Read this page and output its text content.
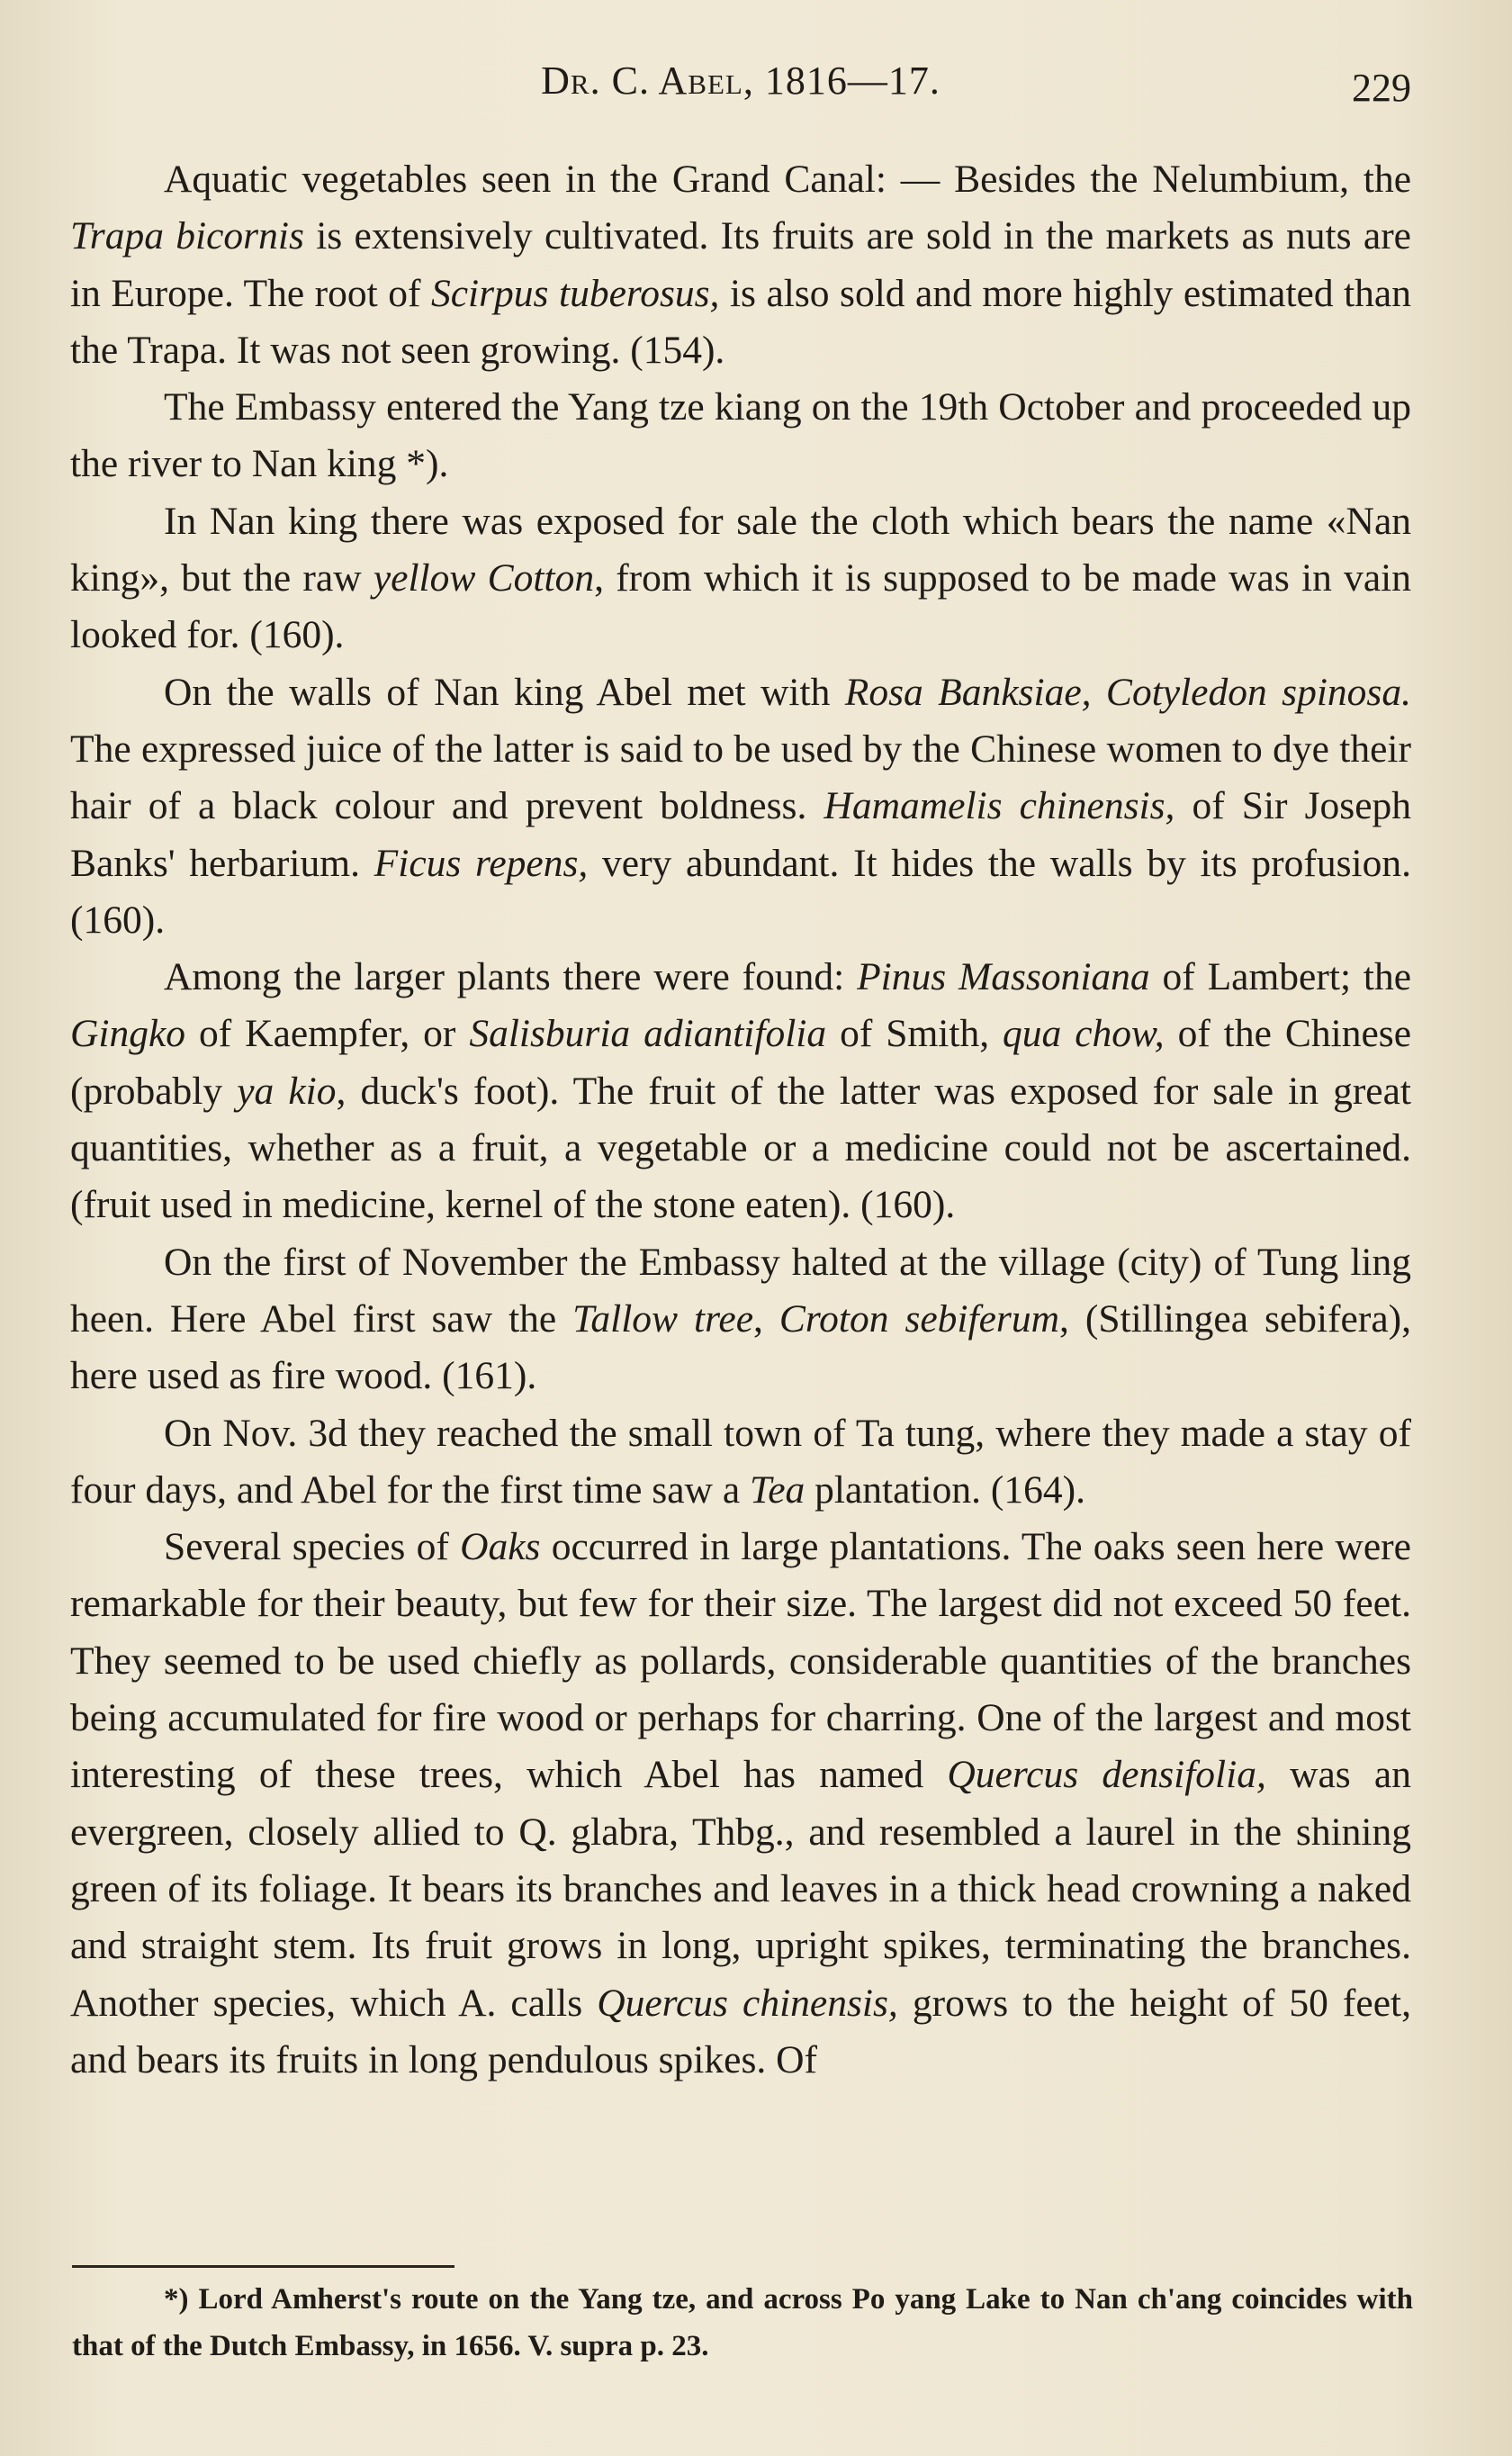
Dr. C. Abel, 1816—17.	229

Aquatic vegetables seen in the Grand Canal: — Besides the Nelumbium, the Trapa bicornis is extensively cultivated. Its fruits are sold in the markets as nuts are in Europe. The root of Scirpus tuberosus, is also sold and more highly estimated than the Trapa. It was not seen growing. (154).

The Embassy entered the Yang tze kiang on the 19th October and proceeded up the river to Nan king *).

In Nan king there was exposed for sale the cloth which bears the name «Nan king», but the raw yellow Cotton, from which it is supposed to be made was in vain looked for. (160).

On the walls of Nan king Abel met with Rosa Banksiae, Cotyledon spinosa. The expressed juice of the latter is said to be used by the Chinese women to dye their hair of a black colour and prevent boldness. Hamamelis chinensis, of Sir Joseph Banks' herbarium. Ficus repens, very abundant. It hides the walls by its profusion. (160).

Among the larger plants there were found: Pinus Massoniana of Lambert; the Gingko of Kaempfer, or Salisburia adiantifolia of Smith, qua chow, of the Chinese (probably ya kio, duck's foot). The fruit of the latter was exposed for sale in great quantities, whether as a fruit, a vegetable or a medicine could not be ascertained. (fruit used in medicine, kernel of the stone eaten). (160).

On the first of November the Embassy halted at the village (city) of Tung ling heen. Here Abel first saw the Tallow tree, Croton sebiferum, (Stillingea sebifera), here used as fire wood. (161).

On Nov. 3d they reached the small town of Ta tung, where they made a stay of four days, and Abel for the first time saw a Tea plantation. (164).

Several species of Oaks occurred in large plantations. The oaks seen here were remarkable for their beauty, but few for their size. The largest did not exceed 50 feet. They seemed to be used chiefly as pollards, considerable quantities of the branches being accumulated for fire wood or perhaps for charring. One of the largest and most interesting of these trees, which Abel has named Quercus densifolia, was an evergreen, closely allied to Q. glabra, Thbg., and resembled a laurel in the shining green of its foliage. It bears its branches and leaves in a thick head crowning a naked and straight stem. Its fruit grows in long, upright spikes, terminating the branches. Another species, which A. calls Quercus chinensis, grows to the height of 50 feet, and bears its fruits in long pendulous spikes. Of

*) Lord Amherst's route on the Yang tze, and across Po yang Lake to Nan ch'ang coincides with that of the Dutch Embassy, in 1656. V. supra p. 23.
